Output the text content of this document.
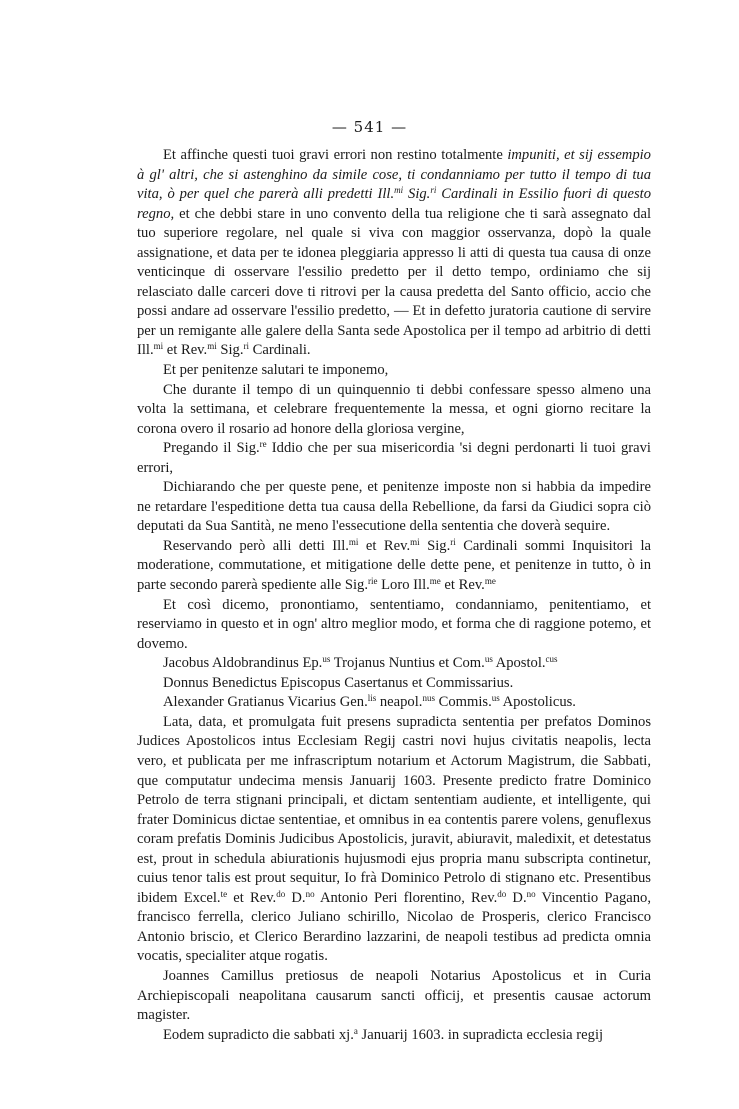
— 541 —

Et affinche questi tuoi gravi errori non restino totalmente impuniti, et sij essempio à gl' altri, che si astenghino da simile cose, ti condanniamo per tutto il tempo di tua vita, ò per quel che parerà alli predetti Ill.$^{mi}$ Sig.$^{ri}$ Cardinali in Essilio fuori di questo regno, et che debbi stare in uno convento della tua religione che ti sarà assegnato dal tuo superiore regolare, nel quale si viva con maggior osservanza, dopò la quale assignatione, et data per te idonea pleggiaria appresso li atti di questa tua causa di onze venticinque di osservare l'essilio predetto per il detto tempo, ordiniamo che sij relasciato dalle carceri dove ti ritrovi per la causa predetta del Santo officio, accio che possi andare ad osservare l'essilio predetto, — Et in defetto juratoria cautione di servire per un remigante alle galere della Santa sede Apostolica per il tempo ad arbitrio di detti Ill.$^{mi}$ et Rev.$^{mi}$ Sig.$^{ri}$ Cardinali.

Et per penitenze salutari te imponemo,

Che durante il tempo di un quinquennio ti debbi confessare spesso almeno una volta la settimana, et celebrare frequentemente la messa, et ogni giorno recitare la corona overo il rosario ad honore della gloriosa vergine,

Pregando il Sig.$^{re}$ Iddio che per sua misericordia 'si degni perdonarti li tuoi gravi errori,

Dichiarando che per queste pene, et penitenze imposte non si habbia da impedire ne retardare l'espeditione detta tua causa della Rebellione, da farsi da Giudici sopra ciò deputati da Sua Santità, ne meno l'essecutione della sententia che doverà sequire.

Reservando però alli detti Ill.$^{mi}$ et Rev.$^{mi}$ Sig.$^{ri}$ Cardinali sommi Inquisitori la moderatione, commutatione, et mitigatione delle dette pene, et penitenze in tutto, ò in parte secondo parerà spediente alle Sig.$^{rie}$ Loro Ill.$^{me}$ et Rev.$^{me}$

Et così dicemo, pronontiamo, sententiamo, condanniamo, penitentiamo, et reserviamo in questo et in ogn' altro meglior modo, et forma che di raggione potemo, et dovemo.

Jacobus Aldobrandinus Ep.$^{us}$ Trojanus Nuntius et Com.$^{us}$ Apostol.$^{cus}$

Donnus Benedictus Episcopus Casertanus et Commissarius.

Alexander Gratianus Vicarius Gen.$^{lis}$ neapol.$^{nus}$ Commis.$^{us}$ Apostolicus.

Lata, data, et promulgata fuit presens supradicta sententia per prefatos Dominos Judices Apostolicos intus Ecclesiam Regij castri novi hujus civitatis neapolis, lecta vero, et publicata per me infrascriptum notarium et Actorum Magistrum, die Sabbati, que computatur undecima mensis Januarij 1603. Presente predicto fratre Dominico Petrolo de terra stignani principali, et dictam sententiam audiente, et intelligente, qui frater Dominicus dictae sententiae, et omnibus in ea contentis parere volens, genuflexus coram prefatis Dominis Judicibus Apostolicis, juravit, abiuravit, maledixit, et detestatus est, prout in schedula abiurationis hujusmodi ejus propria manu subscripta continetur, cuius tenor talis est prout sequitur, Io frà Dominico Petrolo di stignano etc. Presentibus ibidem Excel.$^{te}$ et Rev.$^{do}$ D.$^{no}$ Antonio Peri florentino, Rev.$^{do}$ D.$^{no}$ Vincentio Pagano, francisco ferrella, clerico Juliano schirillo, Nicolao de Prosperis, clerico Francisco Antonio briscio, et Clerico Berardino lazzarini, de neapoli testibus ad predicta omnia vocatis, specialiter atque rogatis.

Joannes Camillus pretiosus de neapoli Notarius Apostolicus et in Curia Archiepiscopali neapolitana causarum sancti officij, et presentis causae actorum magister.

Eodem supradicto die sabbati xj.$^a$ Januarij 1603. in supradicta ecclesia regij
